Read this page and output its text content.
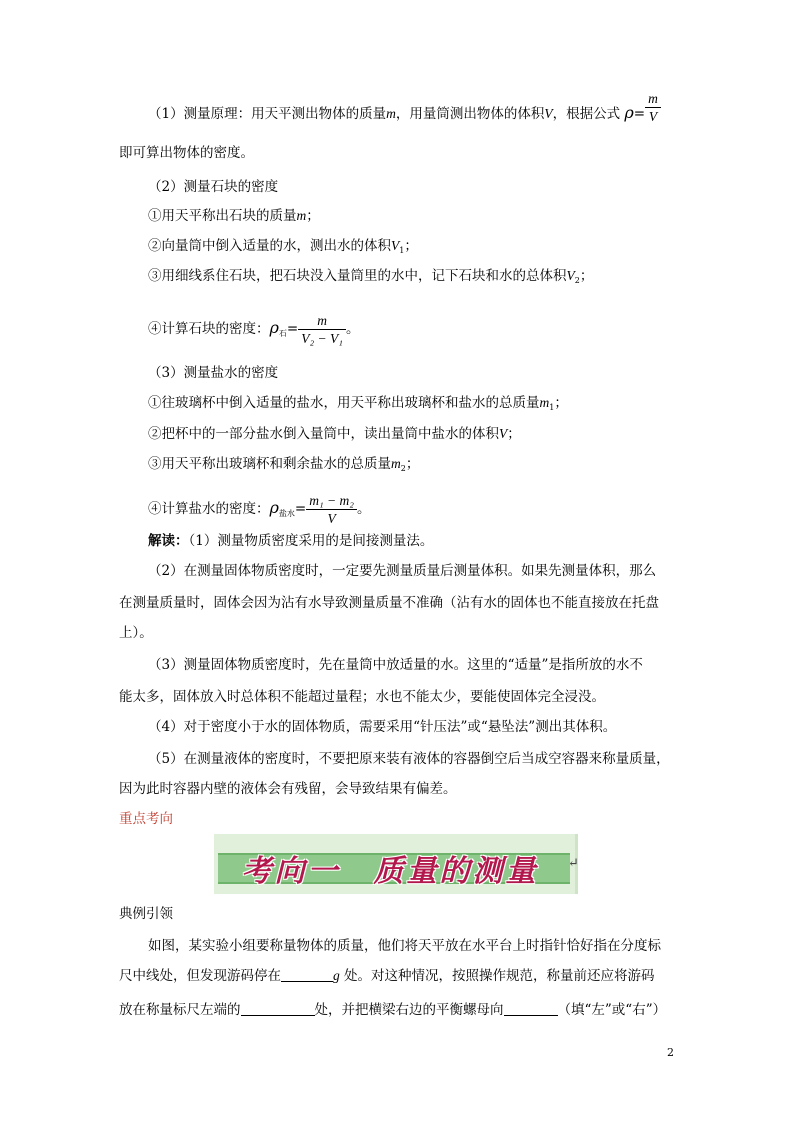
（1）测量原理：用天平测出物体的质量m，用量筒测出物体的体积V，根据公式 $\rho= \frac{m}{V}$
即可算出物体的密度。
（2）测量石块的密度
①用天平称出石块的质量m；
②向量筒中倒入适量的水，测出水的体积$V_1$；
③用细线系住石块，把石块没入量筒里的水中，记下石块和水的总体积$V_2$；
④计算石块的密度：$\rho_石= \frac{m}{\text{V₂ − V₁}}$ 。
（3）测量盐水的密度
①往玻璃杯中倒入适量的盐水，用天平称出玻璃杯和盐水的总质量$m_1$；
②把杯中的一部分盐水倒入量筒中，读出量筒中盐水的体积V；
③用天平称出玻璃杯和剩余盐水的总质量$m_2$；
④计算盐水的密度：$\rho_{盐水}= \frac{\text{m₁ − m₂}}{V}$ 。
解读：（1）测量物质密度采用的是间接测量法。
（2）在测量固体物质密度时，一定要先测量质量后测量体积。如果先测量体积，那么
在测量质量时，固体会因为沾有水导致测量质量不准确（沾有水的固体也不能直接放在托盘
上）。
（3）测量固体物质密度时，先在量筒中放适量的水。这里的“适量”是指所放的水不
能太多，固体放入时总体积不能超过量程；水也不能太少，要能使固体完全浸没。
（4）对于密度小于水的固体物质，需要采用“针压法”或“悬坠法”测出其体积。
（5）在测量液体的密度时，不要把原来装有液体的容器倒空后当成空容器来称量质量，
因为此时容器内壁的液体会有残留，会导致结果有偏差。
重点考向
考向一　质量的测量	↵
典例引领
如图，某实验小组要称量物体的质量，他们将天平放在水平台上时指针恰好指在分度标
尺中线处，但发现游码停在	g 处。对这种情况，按照操作规范，称量前还应将游码
放在称量标尺左端的	处，并把横梁右边的平衡螺母向	（填“左”或“右”）
2
